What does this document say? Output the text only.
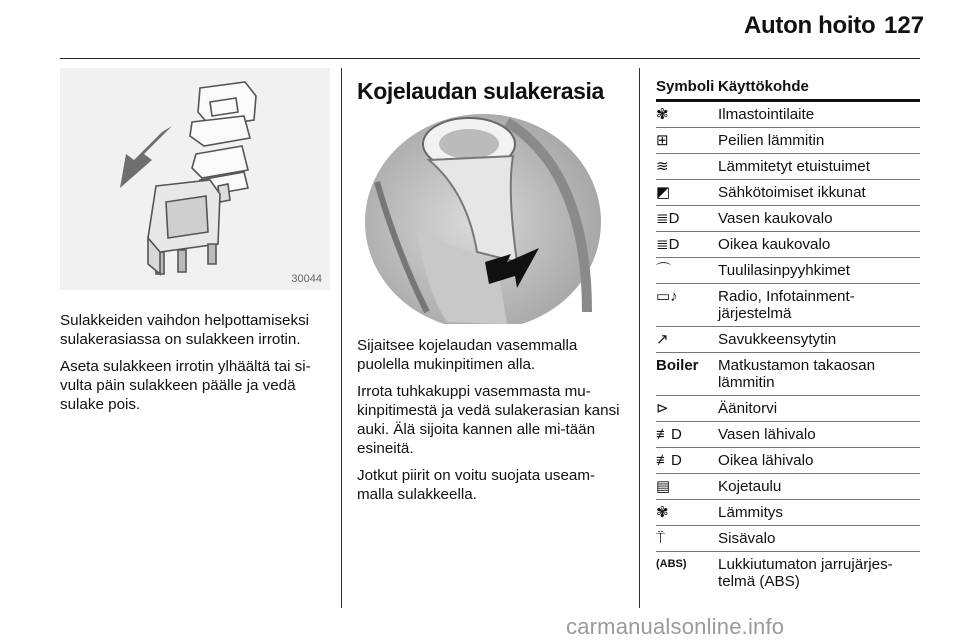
Auton hoito 127
30044

Sulakkeiden vaihdon helpottamiseksi sulakerasiassa on sulakkeen irrotin.

Aseta sulakkeen irrotin ylhäältä tai si-vulta päin sulakkeen päälle ja vedä sulake pois.

Kojelaudan sulakerasia

Sijaitsee kojelaudan vasemmalla puolella mukinpitimen alla.

Irrota tuhkakuppi vasemmasta mu-kinpitimestä ja vedä sulakerasian kansi auki. Älä sijoita kannen alle mi-tään esineitä.

Jotkut piirit on voitu suojata useam-malla sulakkeella.

Symboli Käyttökohde
✾	Ilmastointilaite
⊞	Peilien lämmitin
≋	Lämmitetyt etuistuimet
◩	Sähkötoimiset ikkunat
≣D	Vasen kaukovalo
≣D	Oikea kaukovalo
⌒	Tuulilasinpyyhkimet
▭♪	Radio, Infotainment-järjestelmä
↗	Savukkeensytytin
Boiler	Matkustamon takaosan lämmitin
⊳	Äänitorvi
≢D	Vasen lähivalo
≢D	Oikea lähivalo
▤	Kojetaulu
✾	Lämmitys
⍡	Sisävalo
(ABS)	Lukkiutumaton jarrujärjes-telmä (ABS)
carmanualsonline.info
